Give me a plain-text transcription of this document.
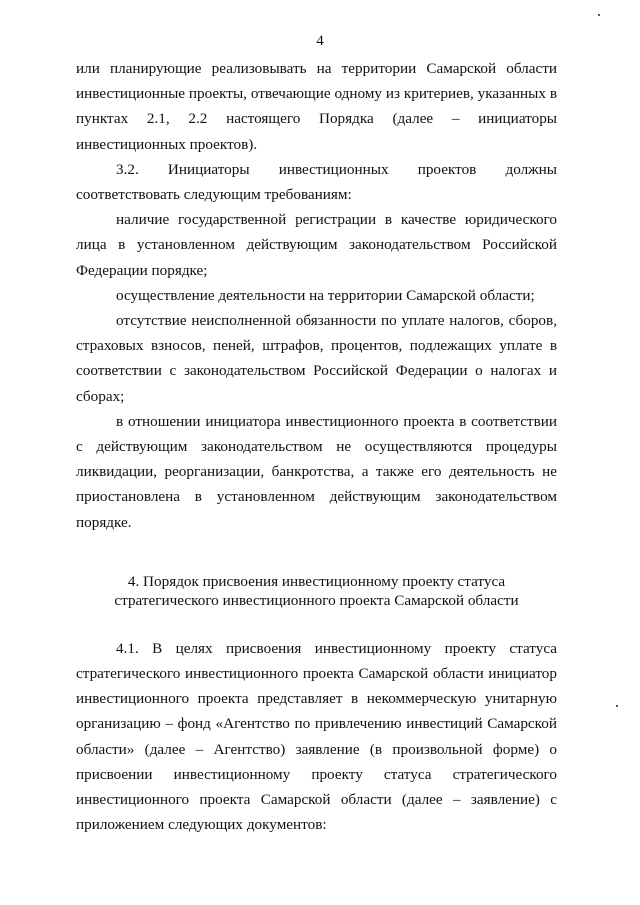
4

или планирующие реализовывать на территории Самарской области инвестиционные проекты, отвечающие одному из критериев, указанных в пунктах 2.1, 2.2 настоящего Порядка (далее – инициаторы инвестиционных проектов).

3.2. Инициаторы инвестиционных проектов должны соответствовать следующим требованиям:

наличие государственной регистрации в качестве юридического лица в установленном действующим законодательством Российской Федерации порядке;

осуществление деятельности на территории Самарской области;

отсутствие неисполненной обязанности по уплате налогов, сборов, страховых взносов, пеней, штрафов, процентов, подлежащих уплате в соответствии с законодательством Российской Федерации о налогах и сборах;

в отношении инициатора инвестиционного проекта в соответствии с действующим законодательством не осуществляются процедуры ликвидации, реорганизации, банкротства, а также его деятельность не приостановлена в установленном действующим законодательством порядке.

4. Порядок присвоения инвестиционному проекту статуса

стратегического инвестиционного проекта Самарской области

4.1. В целях присвоения инвестиционному проекту статуса стратегического инвестиционного проекта Самарской области инициатор инвестиционного проекта представляет в некоммерческую унитарную организацию – фонд «Агентство по привлечению инвестиций Самарской области» (далее – Агентство) заявление (в произвольной форме) о присвоении инвестиционному проекту статуса стратегического инвестиционного проекта Самарской области (далее – заявление) с приложением следующих документов:
